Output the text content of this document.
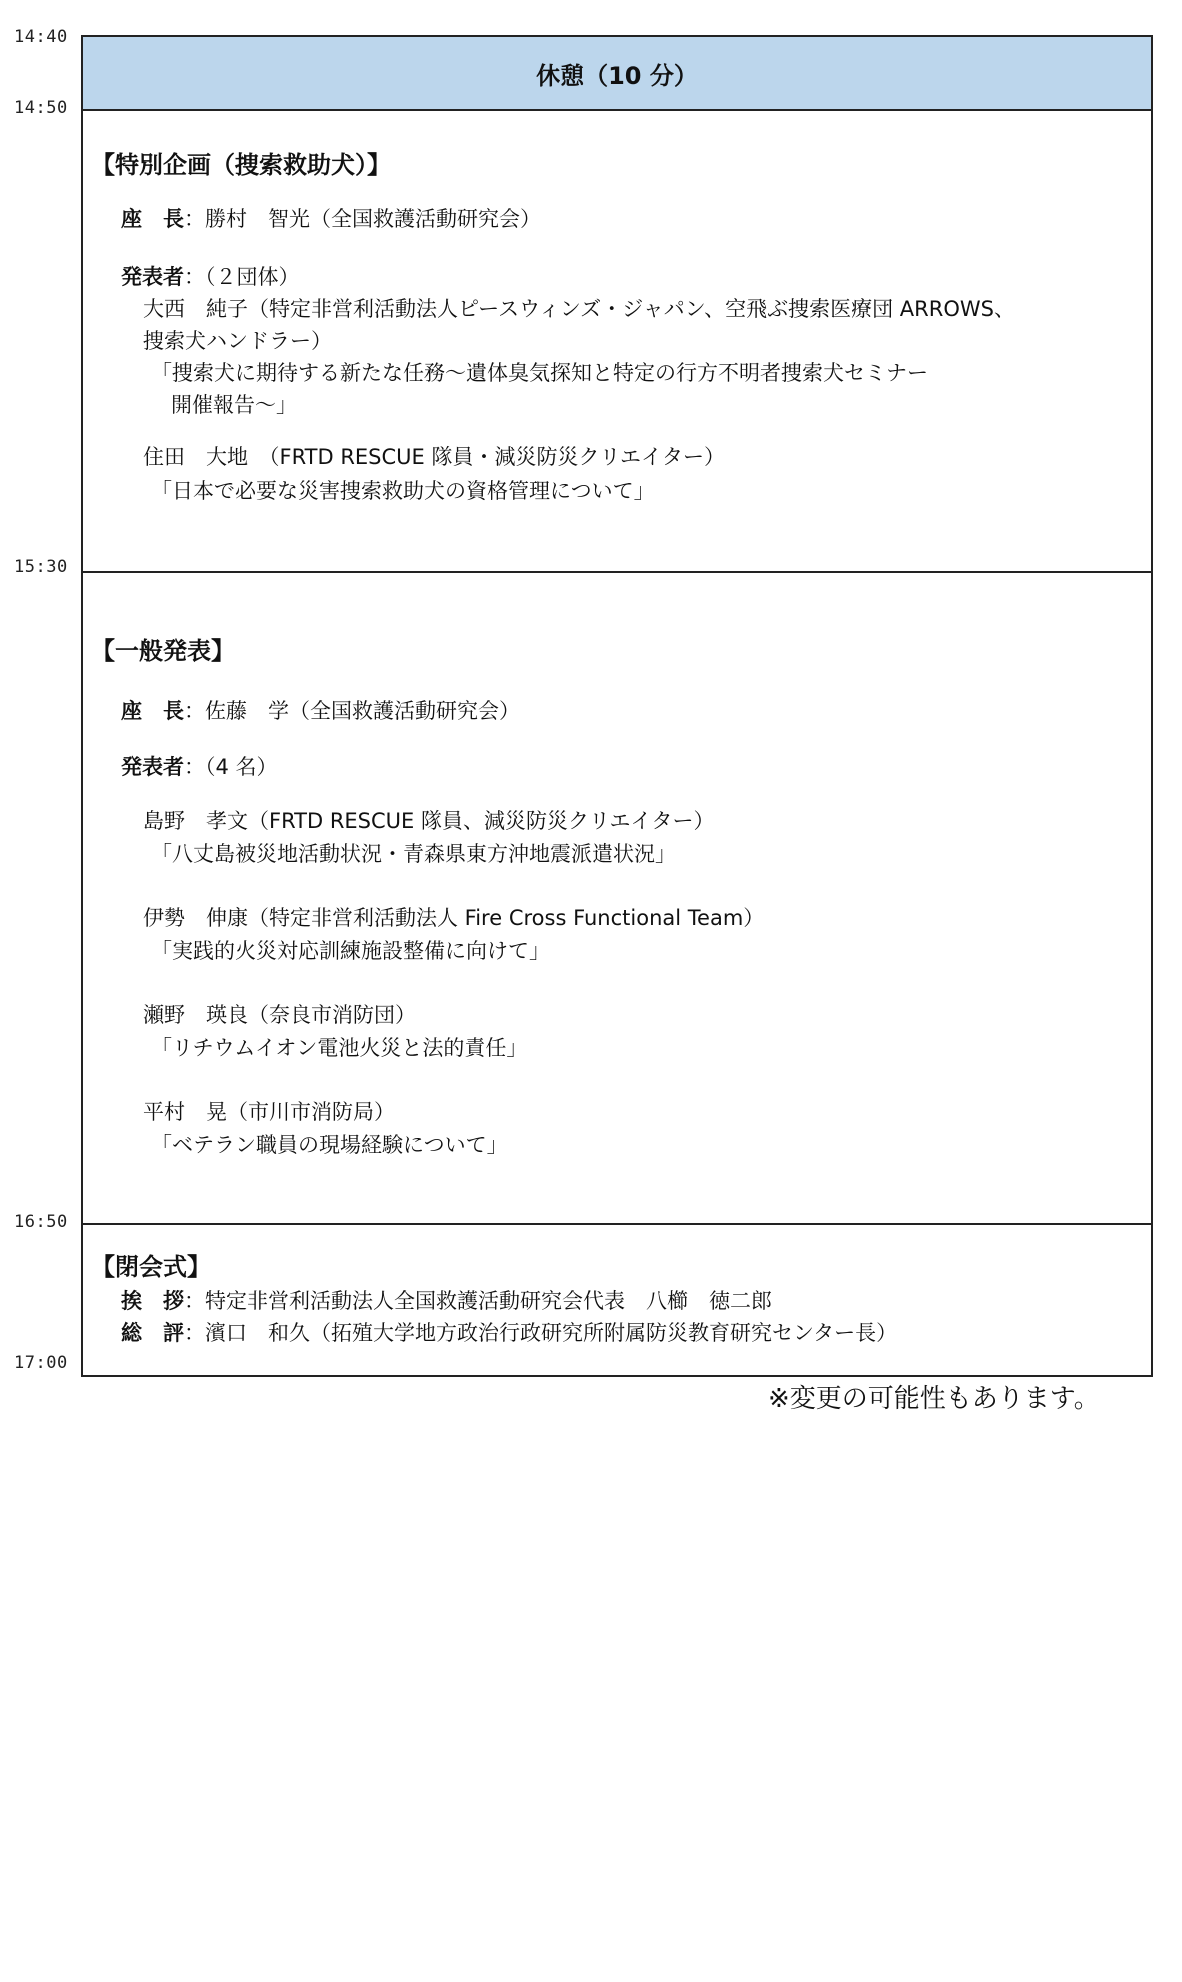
14:40
14:50
15:30
16:50
17:00
休憩（10 分）
【特別企画（捜索救助犬）】
座　長：勝村　智光（全国救護活動研究会）
発表者：（２団体）
大西　純子（特定非営利活動法人ピースウィンズ・ジャパン、空飛ぶ捜索医療団 ARROWS、
捜索犬ハンドラー）
「捜索犬に期待する新たな任務～遺体臭気探知と特定の行方不明者捜索犬セミナー
開催報告～」
住田　大地　（FRTD RESCUE 隊員・減災防災クリエイター）
「日本で必要な災害捜索救助犬の資格管理について」
【一般発表】
座　長：佐藤　学（全国救護活動研究会）
発表者：（4 名）
島野　孝文（FRTD RESCUE 隊員、減災防災クリエイター）
「八丈島被災地活動状況・青森県東方沖地震派遣状況」
伊勢　伸康（特定非営利活動法人 Fire Cross Functional Team）
「実践的火災対応訓練施設整備に向けて」
瀬野　瑛良（奈良市消防団）
「リチウムイオン電池火災と法的責任」
平村　晃（市川市消防局）
「ベテラン職員の現場経験について」
【閉会式】
挨　拶：特定非営利活動法人全国救護活動研究会代表　八櫛　徳二郎
総　評：濱口　和久（拓殖大学地方政治行政研究所附属防災教育研究センター長）
※変更の可能性もあります。
